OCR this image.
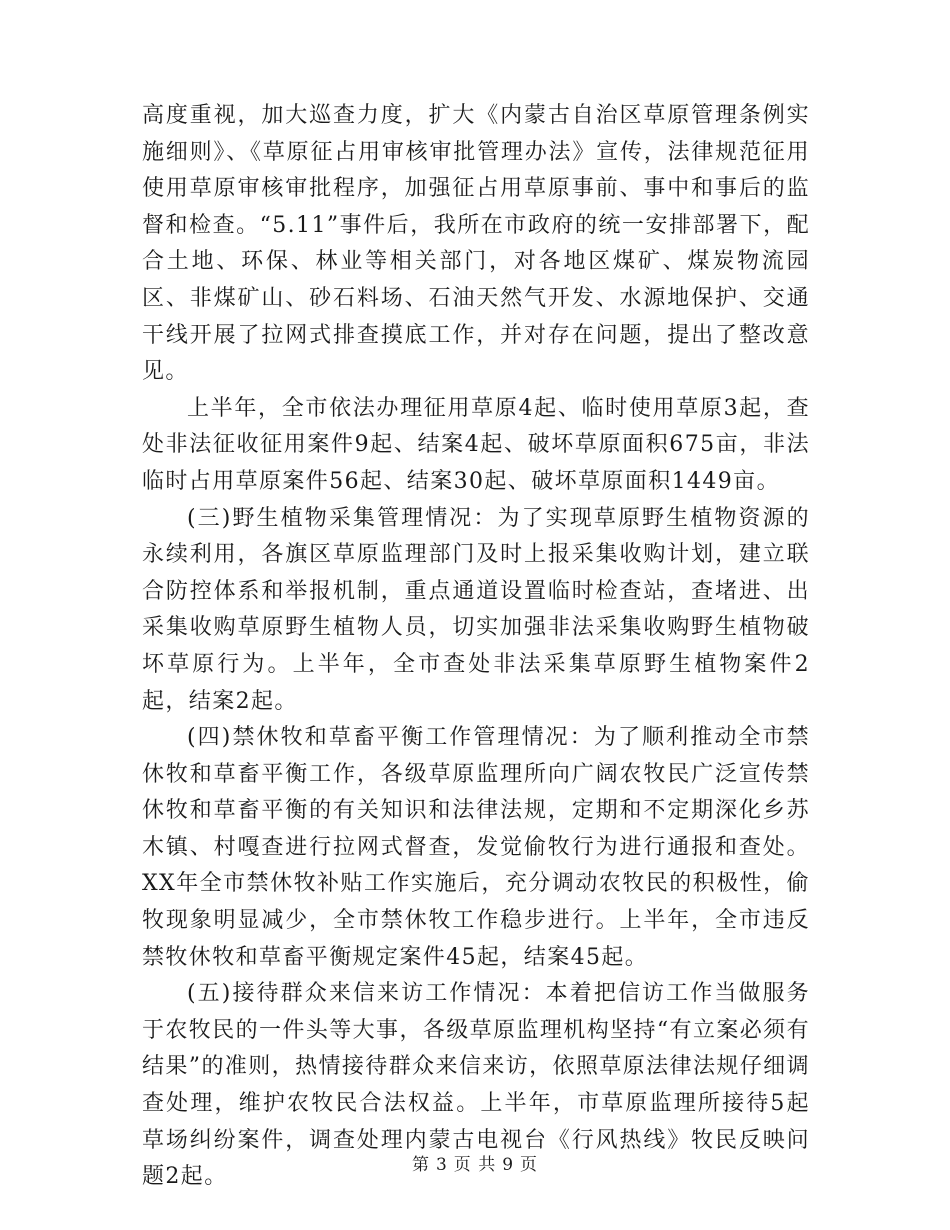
高度重视，加大巡查力度，扩大《内蒙古自治区草原管理条例实施细则》、《草原征占用审核审批管理办法》宣传，法律规范征用使用草原审核审批程序，加强征占用草原事前、事中和事后的监督和检查。“5.11”事件后，我所在市政府的统一安排部署下，配合土地、环保、林业等相关部门，对各地区煤矿、煤炭物流园区、非煤矿山、砂石料场、石油天然气开发、水源地保护、交通干线开展了拉网式排查摸底工作，并对存在问题，提出了整改意见。

上半年，全市依法办理征用草原4起、临时使用草原3起，查处非法征收征用案件9起、结案4起、破坏草原面积675亩，非法临时占用草原案件56起、结案30起、破坏草原面积1449亩。

(三)野生植物采集管理情况：为了实现草原野生植物资源的永续利用，各旗区草原监理部门及时上报采集收购计划，建立联合防控体系和举报机制，重点通道设置临时检查站，查堵进、出采集收购草原野生植物人员，切实加强非法采集收购野生植物破坏草原行为。上半年，全市查处非法采集草原野生植物案件2起，结案2起。

(四)禁休牧和草畜平衡工作管理情况：为了顺利推动全市禁休牧和草畜平衡工作，各级草原监理所向广阔农牧民广泛宣传禁休牧和草畜平衡的有关知识和法律法规，定期和不定期深化乡苏木镇、村嘎查进行拉网式督查，发觉偷牧行为进行通报和查处。XX年全市禁休牧补贴工作实施后，充分调动农牧民的积极性，偷牧现象明显减少，全市禁休牧工作稳步进行。上半年，全市违反禁牧休牧和草畜平衡规定案件45起，结案45起。

(五)接待群众来信来访工作情况：本着把信访工作当做服务于农牧民的一件头等大事，各级草原监理机构坚持“有立案必须有结果”的准则，热情接待群众来信来访，依照草原法律法规仔细调查处理，维护农牧民合法权益。上半年，市草原监理所接待5起草场纠纷案件，调查处理内蒙古电视台《行风热线》牧民反映问题2起。	第 3 页 共 9 页
